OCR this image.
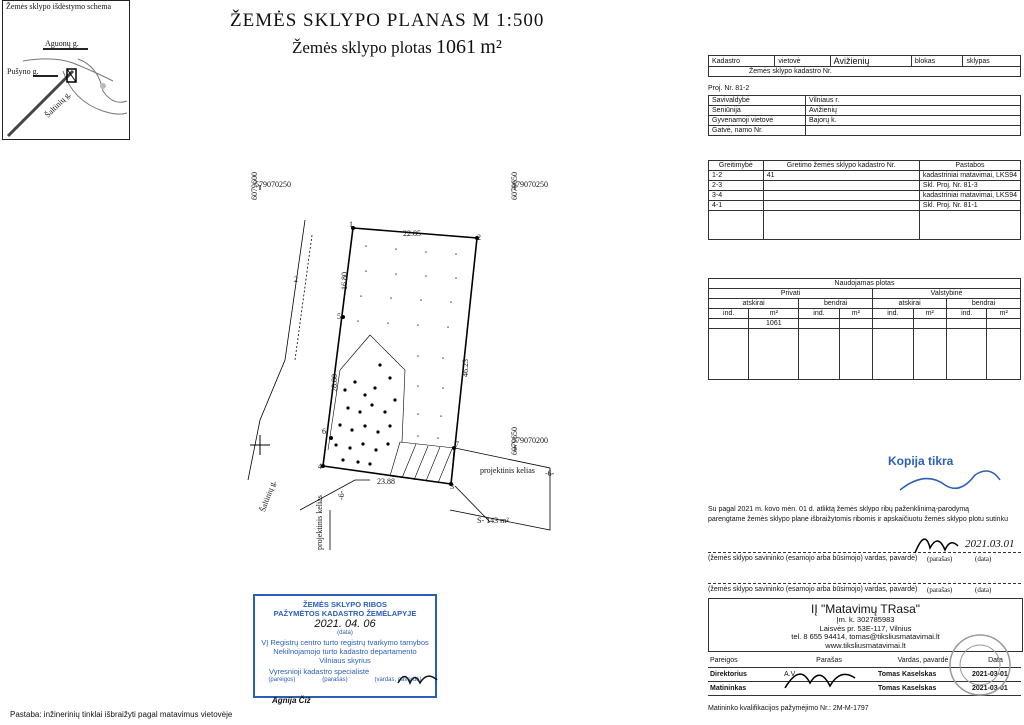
ŽEMĖS SKLYPO PLANAS M 1:500
Žemės sklypo plotas 1061 m²
Žemės sklypo išdėstymo schema
Aguonų g.
Pušyno g.
Šaltinių g.
"	"	"	"
"	"	"	"
"	"	"	"
"	"	"	"
"	"
"	"
"	"
"	"
6079600	6079650
579070250	579070250
6079650
579070200
22.85
16.80
28.80
46.23
23.88
1
2
3
4
5
6
7
projektinis kelias -6-
projektinis kelias -6-
Šaltinių g.
2
S- 143 m²
Kadastro	vietovė	Avižienių	blokas	sklypas
Žemės sklypo kadastro Nr.
Proj. Nr. 81-2
Savivaldybė	Vilniaus r.
Seniūnija	Avižienių
Gyvenamoji vietovė	Bajorų k.
Gatvė, namo Nr.	
Greitimybė	Gretimo žemės sklypo kadastro Nr.	Pastabos
1-2	41	kadastriniai matavimai, LKS94
2-3		Skl. Proj. Nr. 81-3
3-4		kadastriniai matavimai, LKS94
4-1		Skl. Proj. Nr. 81-1

Naudojamas plotas							
Privati				Valstybinė			
atskirai		bendrai		atskirai		bendrai	
ind.	m²	ind.	m²	ind.	m²	ind.	m²
	1061						

Kopija tikra
Su pagal 2021 m. kovo mėn. 01 d. atliktą žemės sklypo ribų paženklinimą-parodymą
parengtame žemės sklypo plane išbraižytomis ribomis ir apskaičiuotu žemės sklypo plotu sutinku
(žemės sklypo savininko (esamojo arba būsimojo) vardas, pavardė) (parašas)	(data)
2021.03.01
(žemės sklypo savininko (esamojo arba būsimojo) vardas, pavardė) (parašas)	(data)
IĮ "Matavimų TRasa"
Įm. k. 302785983
Laisvės pr. 53E-117, Vilnius
tel. 8 655 94414, tomas@tiksliusmatavimai.lt
www.tiksliusmatavimai.lt
Pareigos	Parašas	Vardas, pavardė	Data
Direktorius	A.V.	Tomas Kaselskas	2021-03-01
Matininkas		Tomas Kaselskas	2021-03-01
Matininko kvalifikacijos pažymėjimo Nr.: 2M-M-1797
ŽEMĖS SKLYPO RIBOS
PAŽYMĖTOS KADASTRO ŽEMĖLAPYJE
2021. 04. 06
(data)
VĮ Registrų centro turto registrų tvarkymo tarnybos
Nekilnojamojo turto kadastro departamento
Vilniaus skyrius
Vyresnioji kadastro specialistė
(pareigos)	(parašas)	(vardas, pavardė)
Agnija Čiž
Pastaba: inžinerinių tinklai išbraižyti pagal matavimus vietovėje
